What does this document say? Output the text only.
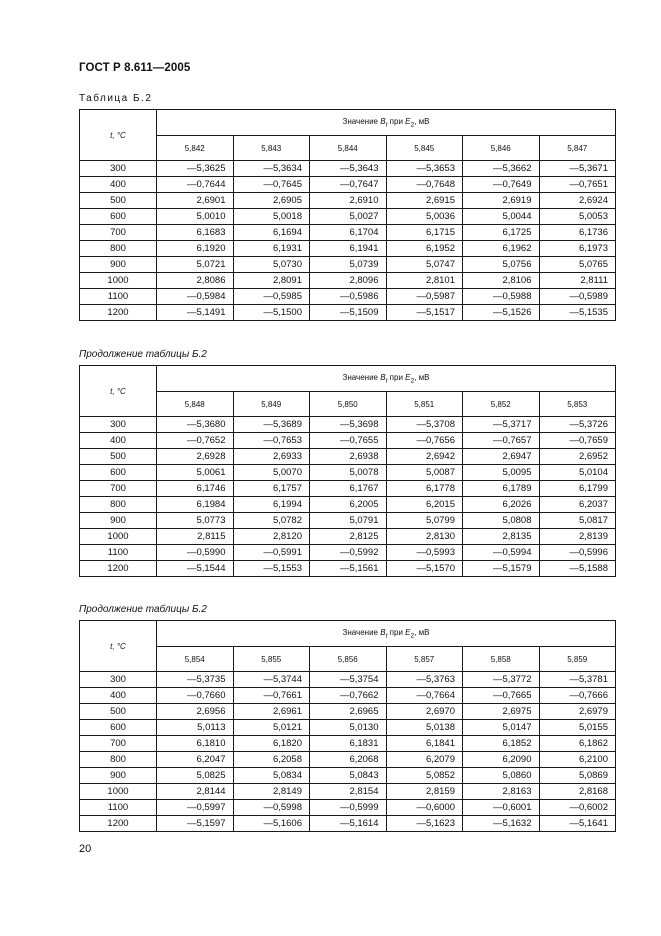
ГОСТ Р 8.611—2005
Таблица Б.2
t, °С	Значение $B_t$ при $E_2$, мВ					
	5,842	5,843	5,844	5,845	5,846	5,847
300	—5,3625	—5,3634	—5,3643	—5,3653	—5,3662	—5,3671
400	—0,7644	—0,7645	—0,7647	—0,7648	—0,7649	—0,7651
500	2,6901	2,6905	2,6910	2,6915	2,6919	2,6924
600	5,0010	5,0018	5,0027	5,0036	5,0044	5,0053
700	6,1683	6,1694	6,1704	6,1715	6,1725	6,1736
800	6,1920	6,1931	6,1941	6,1952	6,1962	6,1973
900	5,0721	5,0730	5,0739	5,0747	5,0756	5,0765
1000	2,8086	2,8091	2,8096	2,8101	2,8106	2,8111
1100	—0,5984	—0,5985	—0,5986	—0,5987	—0,5988	—0,5989
1200	—5,1491	—5,1500	—5,1509	—5,1517	—5,1526	—5,1535
Продолжение таблицы Б.2
t, °С	Значение $B_t$ при $E_2$, мВ					
	5,848	5,849	5,850	5,851	5,852	5,853
300	—5,3680	—5,3689	—5,3698	—5,3708	—5,3717	—5,3726
400	—0,7652	—0,7653	—0,7655	—0,7656	—0,7657	—0,7659
500	2,6928	2,6933	2,6938	2,6942	2,6947	2,6952
600	5,0061	5,0070	5,0078	5,0087	5,0095	5,0104
700	6,1746	6,1757	6,1767	6,1778	6,1789	6,1799
800	6,1984	6,1994	6,2005	6,2015	6,2026	6,2037
900	5,0773	5,0782	5,0791	5,0799	5,0808	5,0817
1000	2,8115	2,8120	2,8125	2,8130	2,8135	2,8139
1100	—0,5990	—0,5991	—0,5992	—0,5993	—0,5994	—0,5996
1200	—5,1544	—5,1553	—5,1561	—5,1570	—5,1579	—5,1588
Продолжение таблицы Б.2
t, °С	Значение $B_t$ при $E_2$, мВ					
	5,854	5,855	5,856	5,857	5,858	5,859
300	—5,3735	—5,3744	—5,3754	—5,3763	—5,3772	—5,3781
400	—0,7660	—0,7661	—0,7662	—0,7664	—0,7665	—0,7666
500	2,6956	2,6961	2,6965	2,6970	2,6975	2,6979
600	5,0113	5,0121	5,0130	5,0138	5,0147	5,0155
700	6,1810	6,1820	6,1831	6,1841	6,1852	6,1862
800	6,2047	6,2058	6,2068	6,2079	6,2090	6,2100
900	5,0825	5,0834	5,0843	5,0852	5,0860	5,0869
1000	2,8144	2,8149	2,8154	2,8159	2,8163	2,8168
1100	—0,5997	—0,5998	—0,5999	—0,6000	—0,6001	—0,6002
1200	—5,1597	—5,1606	—5,1614	—5,1623	—5,1632	—5,1641
20
